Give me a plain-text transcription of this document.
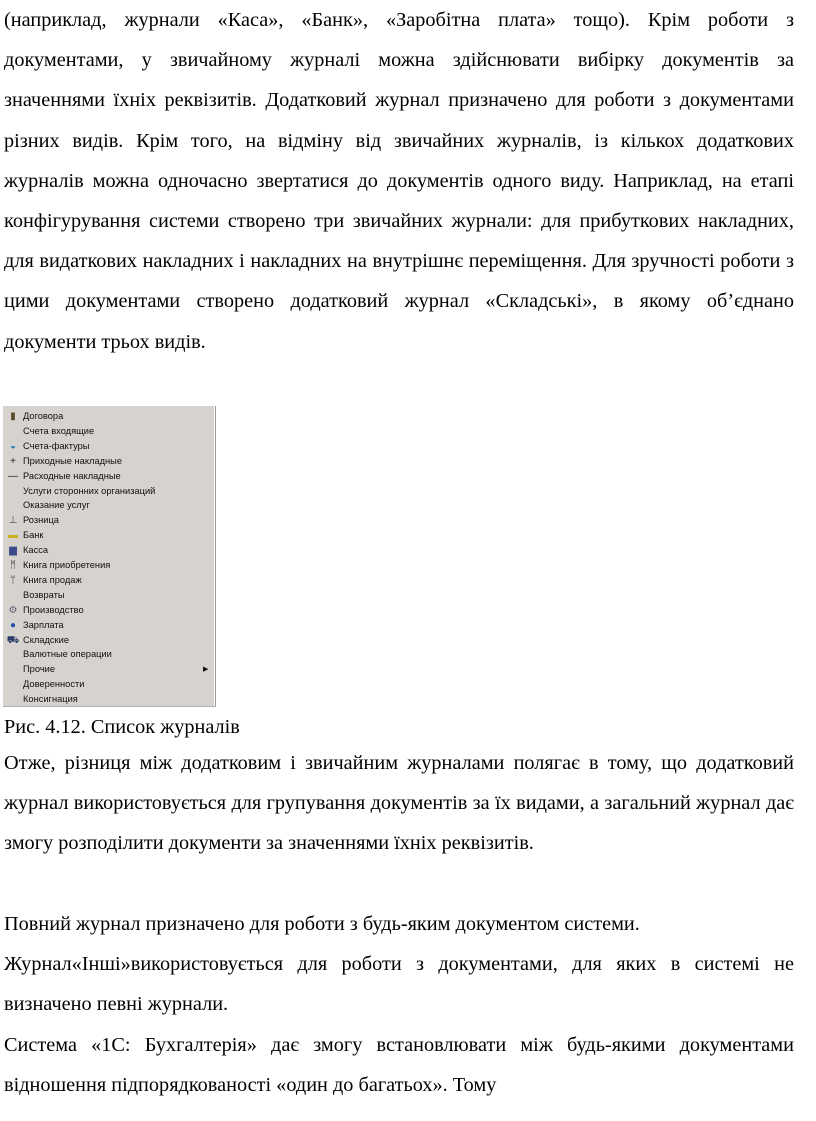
(наприклад, журнали «Каса», «Банк», «Заробітна плата» тощо). Крім роботи з документами, у звичайному журналі можна здійснювати вибірку документів за значеннями їхніх реквізитів. Додатковий журнал призначено для роботи з документами різних видів. Крім того, на відміну від звичайних журналів, із кількох додаткових журналів можна одночасно звертатися до документів одного виду. Наприклад, на етапі конфігурування системи створено три звичайних журнали: для прибуткових накладних, для видаткових накладних і накладних на внутрішнє переміщення. Для зручності роботи з цими документами створено додатковий журнал «Складські», в якому об’єднано документи трьох видів.

▮ Договора
Счета входящие
◒ Счета-фактуры
+ Приходные накладные
— Расходные накладные
Услуги сторонних организаций
Оказание услуг
⊥ Розница
▬ Банк
▆ Касса
ᛗ Книга приобретения
ᛘ Книга продаж
Возвраты
⚙ Производство
● Зарплата
⛟ Складские
Валютные операции
Прочие	▶
Доверенности
Консигнация

Рис. 4.12. Список журналів

Отже, різниця між додатковим і звичайним журналами полягає в тому, що додатковий журнал використовується для групування документів за їх видами, а загальний журнал дає змогу розподілити документи за значеннями їхніх реквізитів.

Повний журнал призначено для роботи з будь-яким документом системи.

Журнал«Інші»використовується для роботи з документами, для яких в системі не визначено певні журнали.

Система «1С: Бухгалтерія» дає змогу встановлювати між будь-якими документами відношення підпорядкованості «один до багатьох». Тому
